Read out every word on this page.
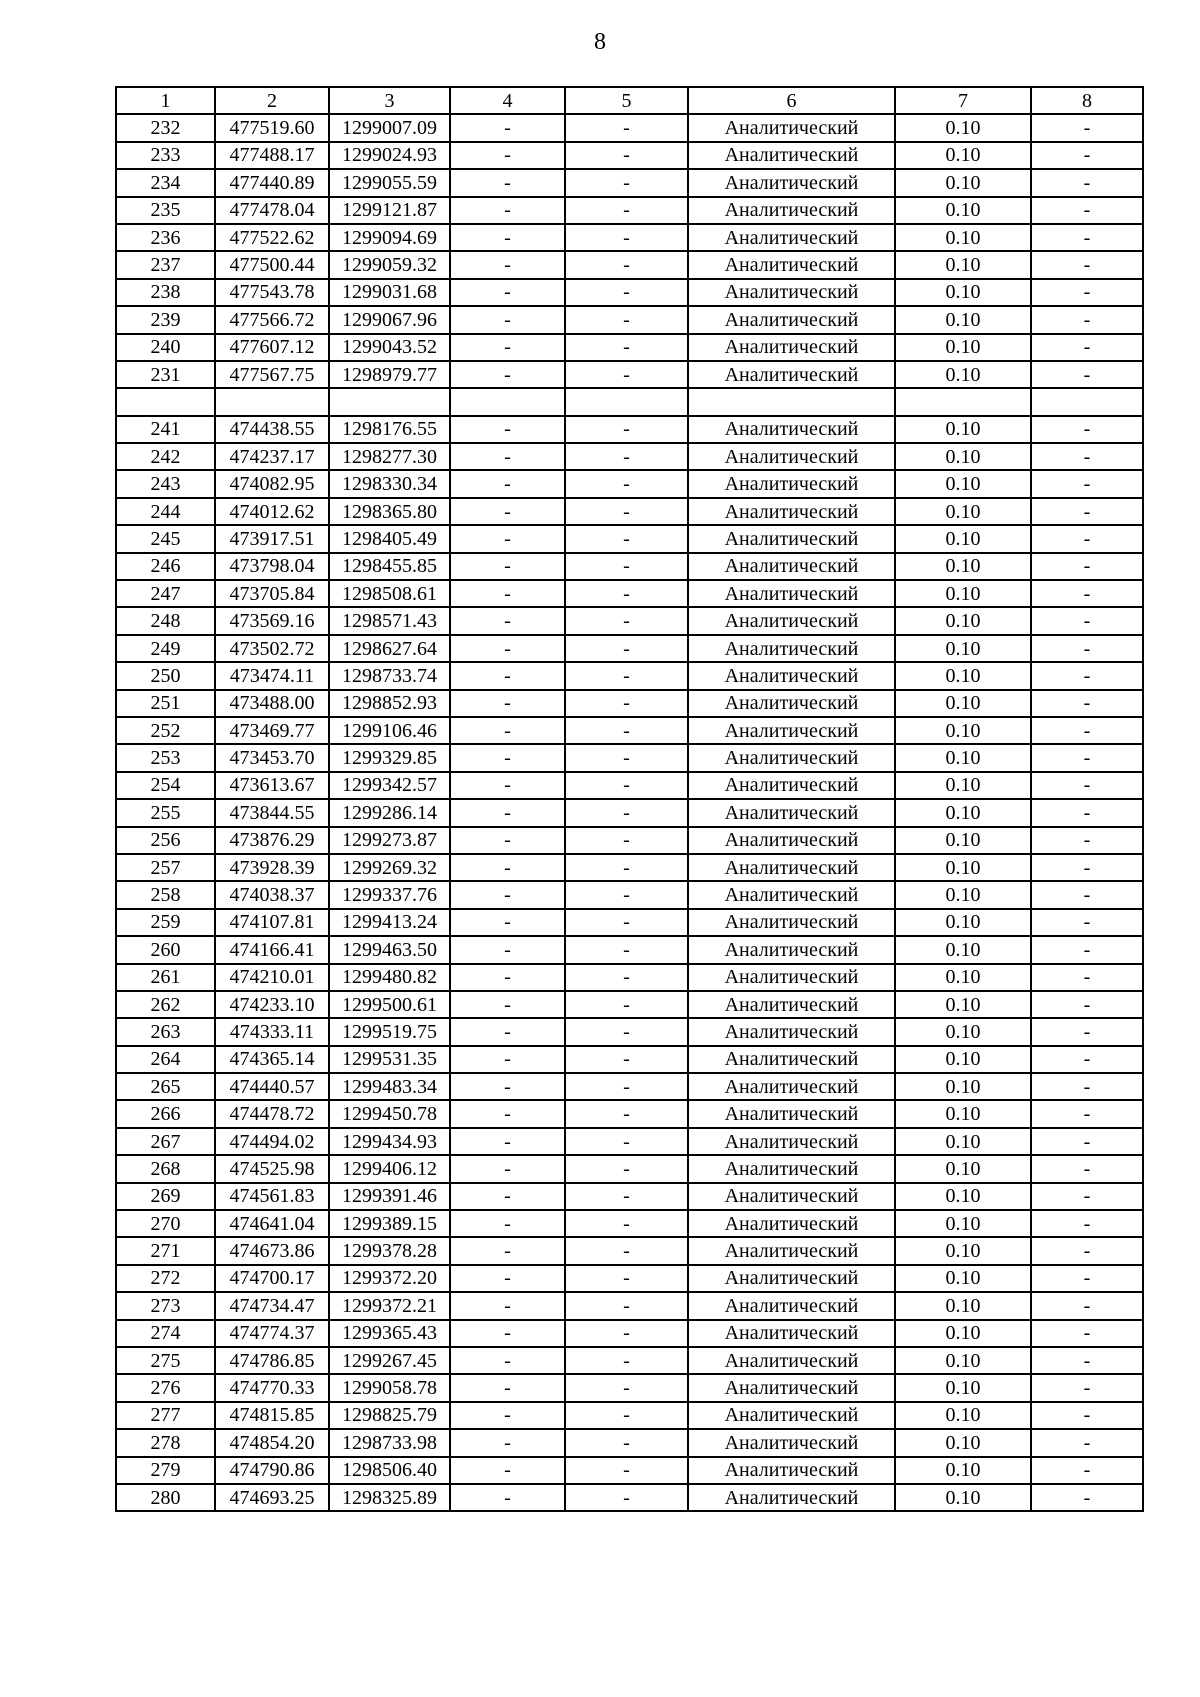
8
1	2	3	4	5	6	7	8
232	477519.60	1299007.09	-	-	Аналитический	0.10	-
233	477488.17	1299024.93	-	-	Аналитический	0.10	-
234	477440.89	1299055.59	-	-	Аналитический	0.10	-
235	477478.04	1299121.87	-	-	Аналитический	0.10	-
236	477522.62	1299094.69	-	-	Аналитический	0.10	-
237	477500.44	1299059.32	-	-	Аналитический	0.10	-
238	477543.78	1299031.68	-	-	Аналитический	0.10	-
239	477566.72	1299067.96	-	-	Аналитический	0.10	-
240	477607.12	1299043.52	-	-	Аналитический	0.10	-
231	477567.75	1298979.77	-	-	Аналитический	0.10	-

241	474438.55	1298176.55	-	-	Аналитический	0.10	-
242	474237.17	1298277.30	-	-	Аналитический	0.10	-
243	474082.95	1298330.34	-	-	Аналитический	0.10	-
244	474012.62	1298365.80	-	-	Аналитический	0.10	-
245	473917.51	1298405.49	-	-	Аналитический	0.10	-
246	473798.04	1298455.85	-	-	Аналитический	0.10	-
247	473705.84	1298508.61	-	-	Аналитический	0.10	-
248	473569.16	1298571.43	-	-	Аналитический	0.10	-
249	473502.72	1298627.64	-	-	Аналитический	0.10	-
250	473474.11	1298733.74	-	-	Аналитический	0.10	-
251	473488.00	1298852.93	-	-	Аналитический	0.10	-
252	473469.77	1299106.46	-	-	Аналитический	0.10	-
253	473453.70	1299329.85	-	-	Аналитический	0.10	-
254	473613.67	1299342.57	-	-	Аналитический	0.10	-
255	473844.55	1299286.14	-	-	Аналитический	0.10	-
256	473876.29	1299273.87	-	-	Аналитический	0.10	-
257	473928.39	1299269.32	-	-	Аналитический	0.10	-
258	474038.37	1299337.76	-	-	Аналитический	0.10	-
259	474107.81	1299413.24	-	-	Аналитический	0.10	-
260	474166.41	1299463.50	-	-	Аналитический	0.10	-
261	474210.01	1299480.82	-	-	Аналитический	0.10	-
262	474233.10	1299500.61	-	-	Аналитический	0.10	-
263	474333.11	1299519.75	-	-	Аналитический	0.10	-
264	474365.14	1299531.35	-	-	Аналитический	0.10	-
265	474440.57	1299483.34	-	-	Аналитический	0.10	-
266	474478.72	1299450.78	-	-	Аналитический	0.10	-
267	474494.02	1299434.93	-	-	Аналитический	0.10	-
268	474525.98	1299406.12	-	-	Аналитический	0.10	-
269	474561.83	1299391.46	-	-	Аналитический	0.10	-
270	474641.04	1299389.15	-	-	Аналитический	0.10	-
271	474673.86	1299378.28	-	-	Аналитический	0.10	-
272	474700.17	1299372.20	-	-	Аналитический	0.10	-
273	474734.47	1299372.21	-	-	Аналитический	0.10	-
274	474774.37	1299365.43	-	-	Аналитический	0.10	-
275	474786.85	1299267.45	-	-	Аналитический	0.10	-
276	474770.33	1299058.78	-	-	Аналитический	0.10	-
277	474815.85	1298825.79	-	-	Аналитический	0.10	-
278	474854.20	1298733.98	-	-	Аналитический	0.10	-
279	474790.86	1298506.40	-	-	Аналитический	0.10	-
280	474693.25	1298325.89	-	-	Аналитический	0.10	-
